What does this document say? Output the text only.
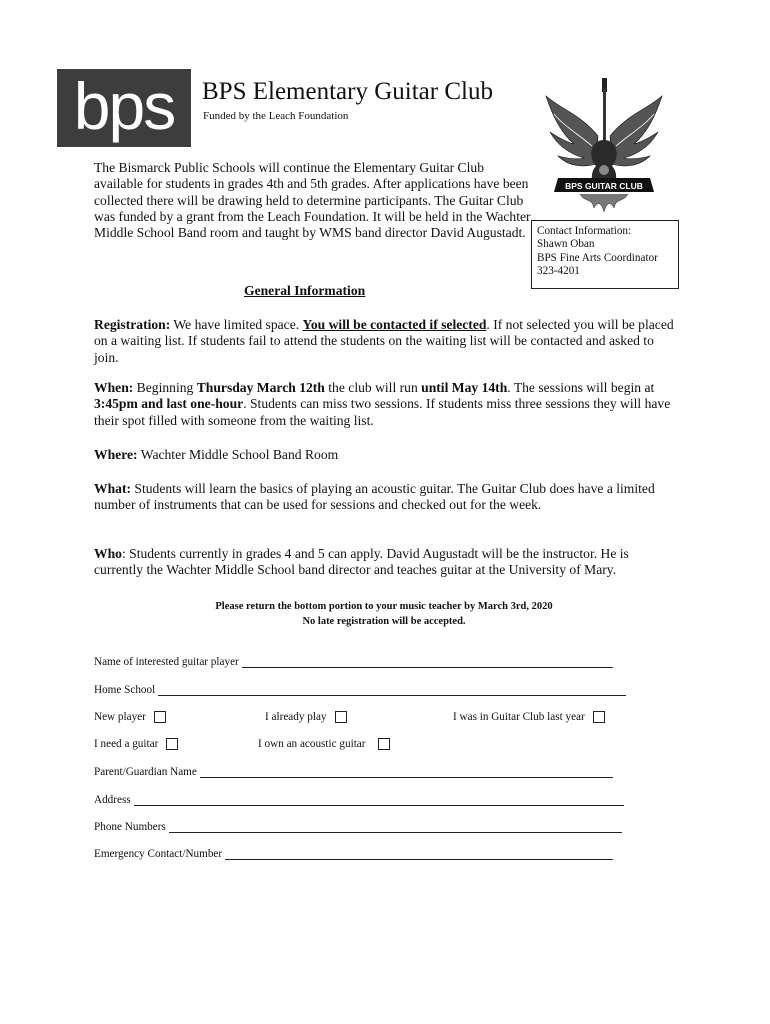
bps BPS Elementary Guitar Club
Funded by the Leach Foundation
BPS GUITAR CLUB
The Bismarck Public Schools will continue the Elementary Guitar Club available for students in grades 4th and 5th grades. After applications have been collected there will be drawing held to determine participants. The Guitar Club was funded by a grant from the Leach Foundation. It will be held in the Wachter Middle School Band room and taught by WMS band director David Augustadt.	Contact Information:
Shawn Oban
BPS Fine Arts Coordinator
323-4201
General Information
Registration: We have limited space. You will be contacted if selected. If not selected you will be placed on a waiting list. If students fail to attend the students on the waiting list will be contacted and asked to join.
When: Beginning Thursday March 12th the club will run until May 14th. The sessions will begin at 3:45pm and last one-hour. Students can miss two sessions. If students miss three sessions they will have their spot filled with someone from the waiting list.
Where: Wachter Middle School Band Room
What: Students will learn the basics of playing an acoustic guitar. The Guitar Club does have a limited number of instruments that can be used for sessions and checked out for the week.
Who: Students currently in grades 4 and 5 can apply. David Augustadt will be the instructor. He is currently the Wachter Middle School band director and teaches guitar at the University of Mary.
Please return the bottom portion to your music teacher by March 3rd, 2020
No late registration will be accepted.
Name of interested guitar player
Home School
New player	I already play	I was in Guitar Club last year
I need a guitar	I own an acoustic guitar
Parent/Guardian Name
Address
Phone Numbers
Emergency Contact/Number
